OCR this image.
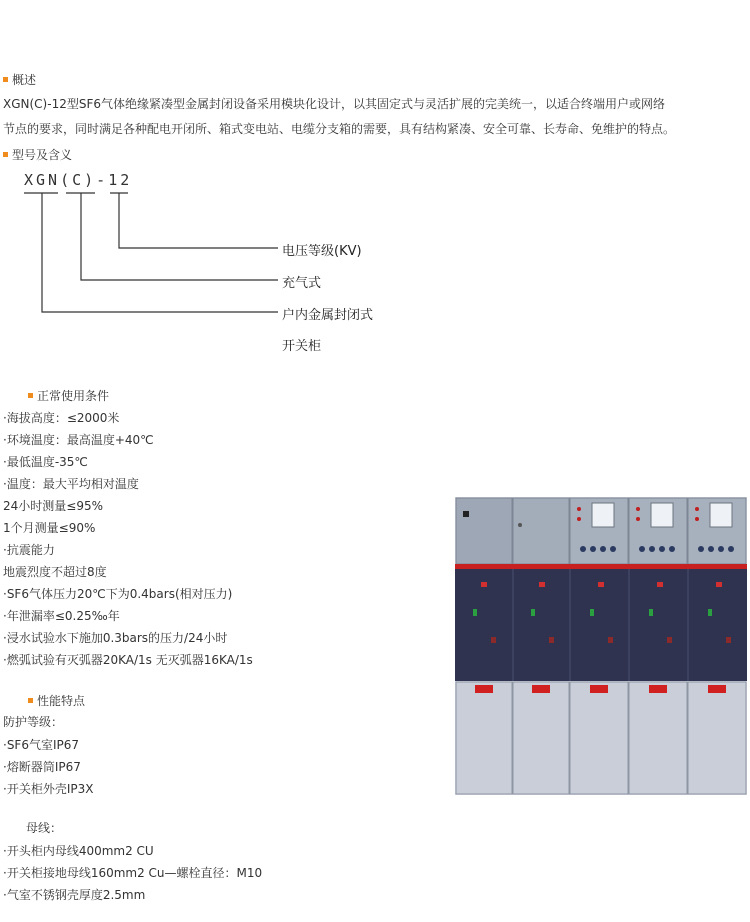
概述
XGN(C)-12型SF6气体绝缘紧凑型金属封闭设备采用模块化设计，以其固定式与灵活扩展的完美统一，以适合终端用户或网络
节点的要求，同时满足各种配电开闭所、箱式变电站、电缆分支箱的需要，具有结构紧凑、安全可靠、长寿命、免维护的特点。
型号及含义
XGN(C)-12
电压等级(KV)
充气式
户内金属封闭式
开关柜
正常使用条件
·海拔高度：≤2000米
·环境温度：最高温度+40℃
·最低温度-35℃
·温度：最大平均相对温度
24小时测量≤95%
1个月测量≤90%
·抗震能力
地震烈度不超过8度
·SF6气体压力20℃下为0.4bars(相对压力)
·年泄漏率≤0.25‰年
·浸水试验水下施加0.3bars的压力/24小时
·燃弧试验有灭弧器20KA/1s 无灭弧器16KA/1s
性能特点
防护等级：
·SF6气室IP67
·熔断器筒IP67
·开关柜外壳IP3X
母线：
·开头柜内母线400mm2 CU
·开关柜接地母线160mm2 Cu—螺栓直径：M10
·气室不锈钢壳厚度2.5mm
